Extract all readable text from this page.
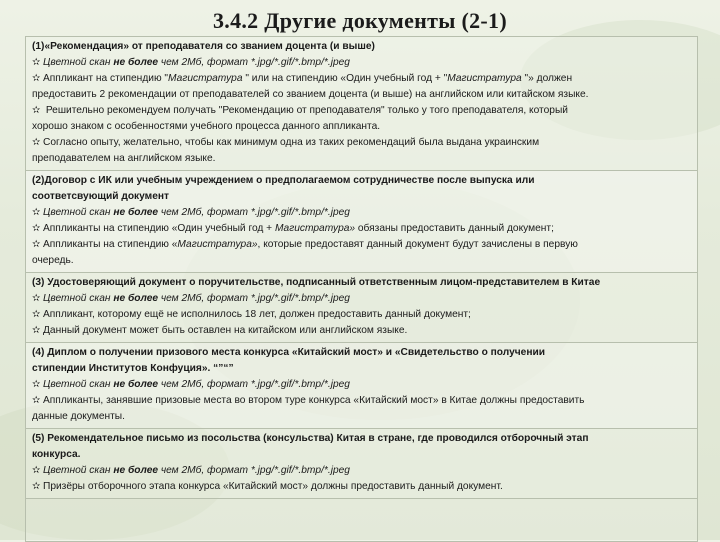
3.4.2 Другие документы (2-1)
(1)«Рекомендация» от преподавателя со званием доцента (и выше)
✫ Цветной скан не более чем 2Мб, формат *.jpg/*.gif/*.bmp/*.jpeg
✫ Аппликант на стипендию "Магистратура " или на стипендию «Один учебный год + "Магистратура "» должен
предоставить 2 рекомендации от преподавателей со званием доцента (и выше) на английском или китайском языке.
✫ Решительно рекомендуем получать "Рекомендацию от преподавателя" только у того преподавателя, который
хорошо знаком с особенностями учебного процесса данного аппликанта.
✫ Согласно опыту, желательно, чтобы как минимум одна из таких рекомендаций была выдана украинским
преподавателем на английском языке.
(2)Договор с ИК или учебным учреждением о предполагаемом сотрудничестве после выпуска или
соответсвующий документ
✫ Цветной скан не более чем 2Мб, формат *.jpg/*.gif/*.bmp/*.jpeg
✫ Аппликанты на стипендию «Один учебный год + Магистратура» обязаны предоставить данный документ;
✫ Аппликанты на стипендию «Магистратура», которые предоставят данный документ будут зачислены в первую
очередь.
(3) Удостоверяющий документ о поручительстве, подписанный ответственным лицом-представителем в Китае
✫ Цветной скан не более чем 2Мб, формат *.jpg/*.gif/*.bmp/*.jpeg
✫ Аппликант, которому ещё не исполнилось 18 лет, должен предоставить данный документ;
✫ Данный документ может быть оставлен на китайском или английском языке.
(4) Диплом о получении призового места конкурса «Китайский мост» и «Свидетельство о получении
стипендии Институтов Конфуция». “”“”
✫ Цветной скан не более чем 2Мб, формат *.jpg/*.gif/*.bmp/*.jpeg
✫ Аппликанты, занявшие призовые места во втором туре конкурса «Китайский мост» в Китае должны предоставить
данные документы.
(5) Рекомендательное письмо из посольства (консульства) Китая в стране, где проводился отборочный этап
конкурса.
✫ Цветной скан не более чем 2Мб, формат *.jpg/*.gif/*.bmp/*.jpeg
✫ Призёры отборочного этапа конкурса «Китайский мост» должны предоставить данный документ.
